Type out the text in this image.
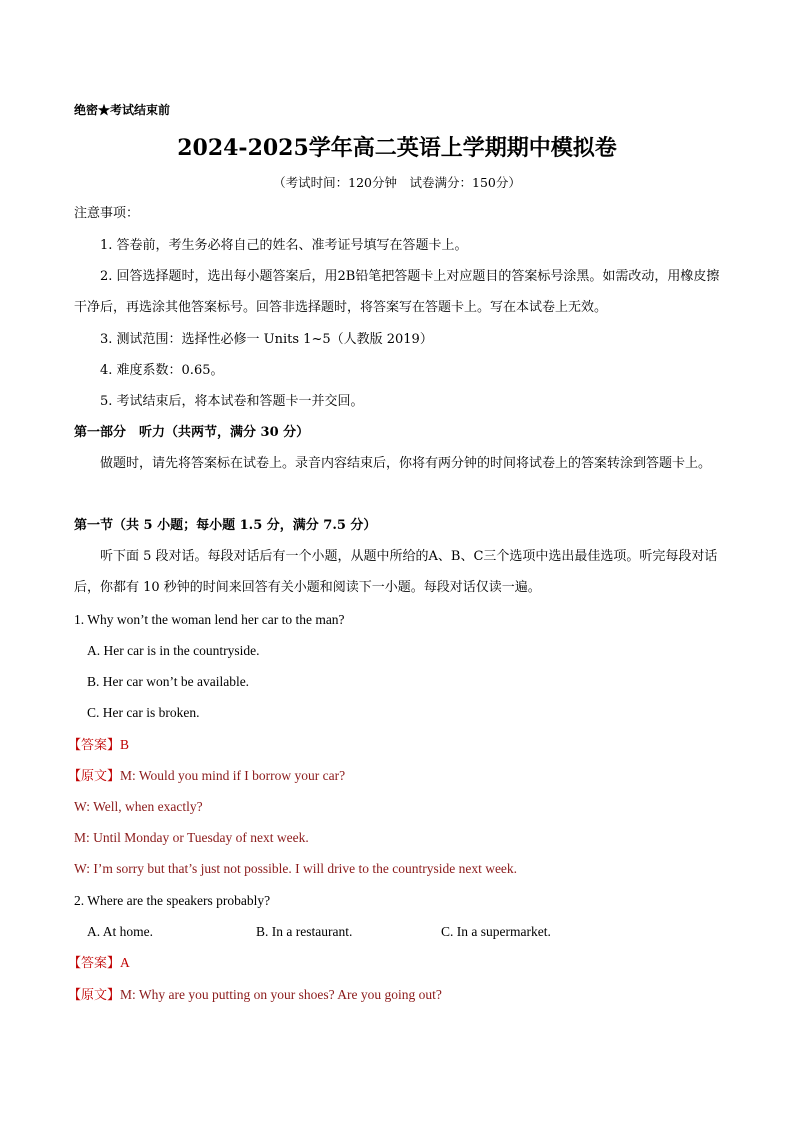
绝密★考试结束前
2024-2025学年高二英语上学期期中模拟卷
（考试时间：120分钟　试卷满分：150分）
注意事项：
1. 答卷前，考生务必将自己的姓名、准考证号填写在答题卡上。
2. 回答选择题时，选出每小题答案后，用2B铅笔把答题卡上对应题目的答案标号涂黑。如需改动，用橡皮擦干净后，再选涂其他答案标号。回答非选择题时，将答案写在答题卡上。写在本试卷上无效。
3. 测试范围：选择性必修一 Units 1~5（人教版 2019）
4. 难度系数：0.65。
5. 考试结束后，将本试卷和答题卡一并交回。
第一部分　听力（共两节，满分 30 分）
做题时，请先将答案标在试卷上。录音内容结束后，你将有两分钟的时间将试卷上的答案转涂到答题卡上。
第一节（共 5 小题；每小题 1.5 分，满分 7.5 分）
听下面 5 段对话。每段对话后有一个小题，从题中所给的A、B、C三个选项中选出最佳选项。听完每段对话后，你都有 10 秒钟的时间来回答有关小题和阅读下一小题。每段对话仅读一遍。
1. Why won’t the woman lend her car to the man?
A. Her car is in the countryside.
B. Her car won’t be available.
C. Her car is broken.
【答案】B
【原文】M: Would you mind if I borrow your car?
W: Well, when exactly?
M: Until Monday or Tuesday of next week.
W: I’m sorry but that’s just not possible. I will drive to the countryside next week.
2. Where are the speakers probably?
A. At home.	B. In a restaurant.	C. In a supermarket.
【答案】A
【原文】M: Why are you putting on your shoes? Are you going out?
